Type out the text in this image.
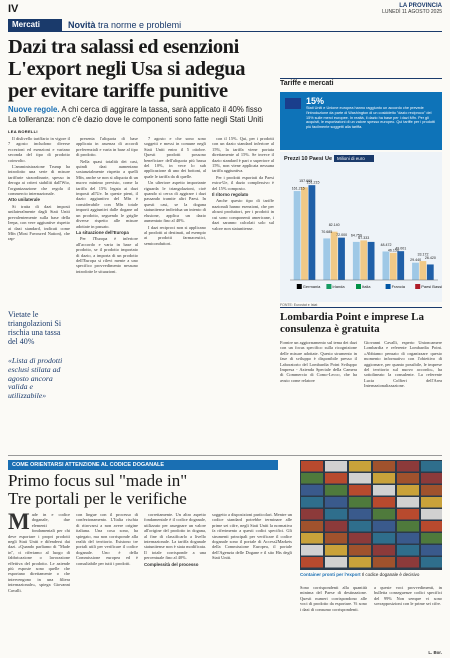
IV	LA PROVINCIA
LUNEDÌ 11 AGOSTO 2025
Mercati	Novità tra norme e problemi
Dazi tra salassi ed esenzioni
L'export negli Usa si adegua
per evitare tariffe punitive
Nuove regole. A chi cerca di aggirare la tassa, sarà applicato il 40% fisso
La tolleranza: non c'è dazio dove le componenti sono fatte negli Stati Uniti
LEA BORELLI

Il dislivello tariffario in vigore il 7 agosto includono diverse eccezioni ed esenzioni e variano seconda del tipo di prodotto coinvolto.

L'amministrazione Trump ha introdotto una serie di misure tariffarie straordinarie, spesso in deroga ai criteri stabiliti dall'Wto, l'organizzazione che regola il commercio internazionale.

Atto unilaterale

Si tratta di dazi imposti unilateralmente dagli Stati Uniti prevalentemente sulla base della Ieepa, con vere aggiuntive rispetto ai dazi standard, indicati come Mfn (Most Favoured Nation), che rap-

Vietate le triangolazioni Si rischia una tassa del 40%
«Lista di prodotti esclusi stilata ad agosto ancora valida e utilizzabile»

presenta l'aliquota di base applicata in assenza di accordi preferenziali e varia in base al tipo di prodotto.

Nella quasi totalità dei casi, quindi dazi aumentano sostanzialmente rispetto a quelli Mfn, anche se non si aliquota di un nuovo minimo previsto, come la tariffa del 15% legata ai dazi imposti all'Ue. In queste pieni, il dazio aggiuntivo del Mfn è considerabile con Mfn totale importi aggiuntivi dalle dogane ad un prodotto, seguendo le griglie diverse rispetto alle misure adottate in passato.

La situazione dell'Europa

Per l'Europa è inferiore all'accordo e varia in base al prodotto, se il prodotto importato di dazio, a importa di un prodotto dell'Europa si rilevi mente a uno specifico provvedimento nessuno introdotte le situazioni.

7 agosto e che sono sono soggetti e messi in comune negli Stati Uniti entro il 5 ottobre. Questi prodotti possono beneficiare dell'aliquota più bassa del 10%, in vece lo sub applicazione di uno dei bottoni, al quale le tariffa da di quelle.

Un ulteriore aspetto importante riguarda le triangolazioni, cioè quando si cerca di aggirare i dazi passando tramite altri Paesi. In questi casi, se la dogana statunitense individua un intento di elusione, applica un dazio aumentato fino al 40%.

I dazi reciproci non si applicano al prodotti ai destinati, ad esempio ai prodotti farmaceutici, semiconduttori.

con il 15%. Qui, per i prodotti con un dazio standard inferiore al 15%, la tariffa viene portata direttamente al 15%. Se invece il dazio standard è pari o superiore al 15%, non viene applicata nessuna tariffa aggiuntiva.

Per i prodotti esportati da Paesi extra-Ue, il dazio complessivo è del 15% composto.

Il ritorno regolato

Anche questo tipo di tariffe nazionali hanno esenzioni, che per alcuni produttori, per i prodotti in cui sono componenti americane, i dazi saranno calcolati solo sul valore non statunitense.

Tariffe e mercati
15%
Stati Uniti e Unione europea hanno raggiunto un accordo che prevede l'introduzione da parte di Washington di un cosiddetto "dazio reciproco" del 15% sulle merci europee. In realtà, il dazio ha base per i dazi Mfn. Per gli acquisti, le esportazioni di un valore spesso europeo. Qui tariffe per i prodotti più facilmente soggetti alla tariffa.
Prezzi 10 Paesi Ue Milioni di euro
Germania	Irlanda	Italia	Francia	Paesi Bassi
161.215
157.669
151.215
82.140
72.000
70.685
67.333
64.759
49.001
48.472
46.150
33.172
29.440
26.420
FONTE: Eurostat e Istat
Lombardia Point e imprese La consulenza è gratuita
Fornire un aggiornamento sul tema dei dazi con un focus specifico sulla ricognizione delle misure adottate. Questo strumento in fase di sviluppo è disponibile presso il Laboratorio del Lombardia Point Sviluppo Impresa - Azienda Speciale della Camera di Commercio di Como-Lecco, che ha avuto come relatore
Giovanni Cavalli, esperto Unioncamere Lombardia e referente Lombardia Point. «Abbiamo pensato di organizzare questo momento informativo con l'obiettivo di aggiornare, per quanto possibile, le imprese del territorio sul nuovo accordo», ha sottolineato la consulente. La referente Lucia Colfieri dell'Area Internazionalizzazione.
COME ORIENTARSI ATTENZIONE AL CODICE DOGANALE
Primo focus sul "made in"
Tre portali per le verifiche
M ade in e codice doganale, due elementi fondamentali per chi deve esportare i propri prodotti negli Stati Uniti e difendersi dai dazi. «Quando parliamo di "Made in", ci riferiamo al luogo di fabbricazione o lavorazione effettiva del prodotto. Le aziende più esposte sono quelle che esportano direttamente o che intervengono in una filiera internazionale», spiega Giovanni Cavalli.
con lingue con il processo di confezionamento. L'Italia rischia di ritrovarsi a non avere origine italiana. Una cosa sono, ha spiegato, ma non corrisponde alla realtà del territorio. Esistono tre portali utili per verificare il codice doganale. Uno è della Commissione europea ed è consultabile per tutti i prodotti.

correttamente. Un altro aspetto fondamentale è il codice doganale, utilizzato per assegnare un valore all'origine del prodotto in dogana, al fine di classificarlo a livello internazionale. La tariffa doganale statunitense non è stata modificata. Il totale corrisponde a una percentuale fino al 40%.

Complessità del processo

soggetto a disposizioni particolari. Mentre un codice standard potrebbe terminare alle prime sei cifre, negli Stati Uniti la normativa fa riferimento a questi codici specifici. Gli strumenti principali per verificare il codice doganale sono il portale di Access2Markets della Commissione Europea, il portale dell'Agenzia delle Dogane e il sito Hts degli Stati Uniti.
Container pronti per l'export Il codice doganale è decisivo
Sono corrispondenti alla quantità minima del Paese di destinazione. Questi numeri corrispondono alle voci di prodotto da esportare. Vi sono i dazi di consumo corrispondenti.
a queste voci provvedimenti, in bulletta conseguenze codici specifici del 99% Non sempre vi sono sovrapposizioni con le prime sei cifre.
L. Bor.
